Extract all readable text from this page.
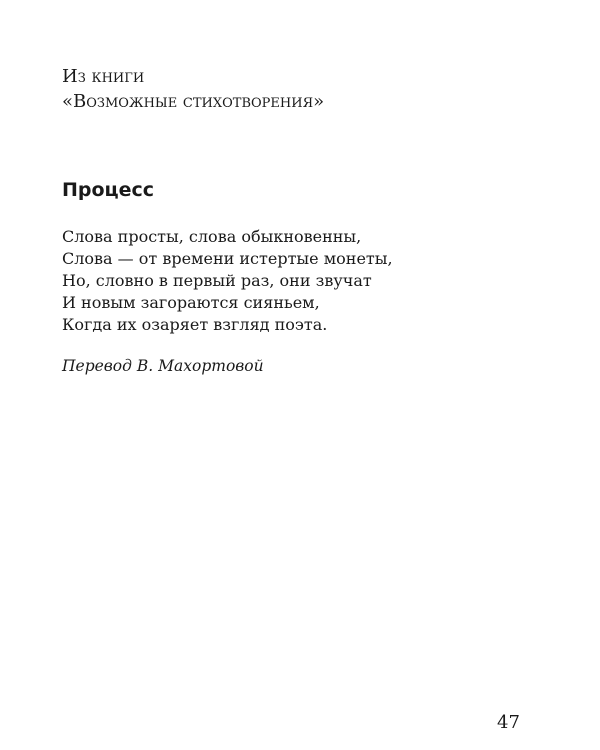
Из книги
«Возможные стихотворения»
Процесс
Слова просты, слова обыкновенны,
Слова — от времени истертые монеты,
Но, словно в первый раз, они звучат
И новым загораются сияньем,
Когда их озаряет взгляд поэта.
Перевод В. Махортовой
47
